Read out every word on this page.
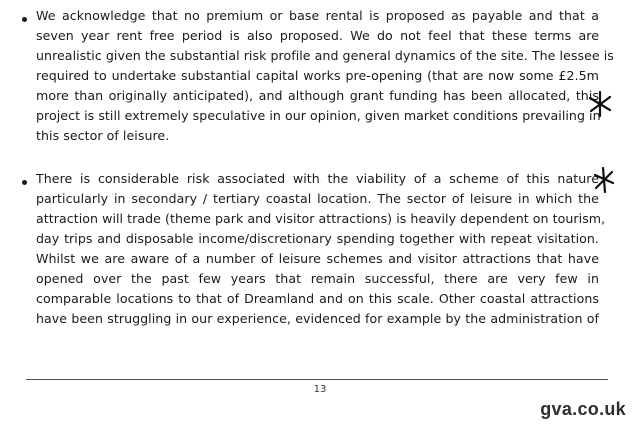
We acknowledge that no premium or base rental is proposed as payable and that a
seven year rent free period is also proposed. We do not feel that these terms are
unrealistic given the substantial risk profile and general dynamics of the site. The lessee is
required to undertake substantial capital works pre-opening (that are now some £2.5m
more than originally anticipated), and although grant funding has been allocated, this
project is still extremely speculative in our opinion, given market conditions prevailing in
this sector of leisure.
There is considerable risk associated with the viability of a scheme of this nature
particularly in secondary / tertiary coastal location. The sector of leisure in which the
attraction will trade (theme park and visitor attractions) is heavily dependent on tourism,
day trips and disposable income/discretionary spending together with repeat visitation.
Whilst we are aware of a number of leisure schemes and visitor attractions that have
opened over the past few years that remain successful, there are very few in
comparable locations to that of Dreamland and on this scale. Other coastal attractions
have been struggling in our experience, evidenced for example by the administration of
13
gva.co.uk
